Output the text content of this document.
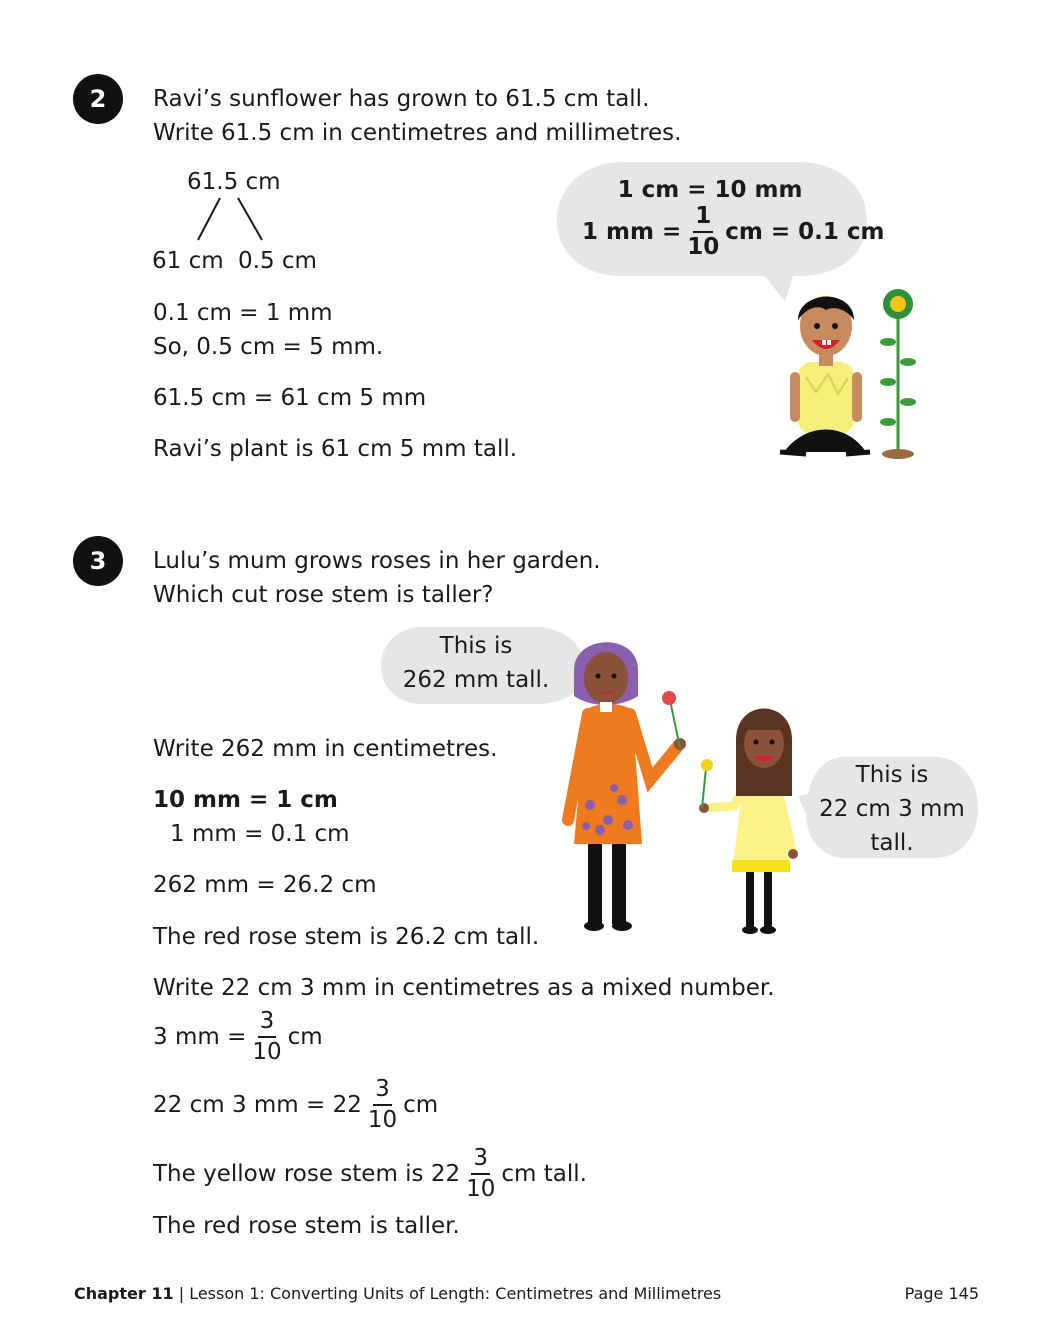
2 Ravi’s sunflower has grown to 61.5 cm tall.
Write 61.5 cm in centimetres and millimetres.
61.5 cm
61 cm 0.5 cm
0.1 cm = 1 mm
So, 0.5 cm = 5 mm.
61.5 cm = 61 cm 5 mm
Ravi’s plant is 61 cm 5 mm tall.
1 cm = 10 mm
1 mm = $\frac{1}{10}$ cm = 0.1 cm
3 Lulu’s mum grows roses in her garden.
Which cut rose stem is taller?
This is
262 mm tall.
This is
22 cm 3 mm
tall.
Write 262 mm in centimetres.
10 mm = 1 cm
1 mm = 0.1 cm
262 mm = 26.2 cm
The red rose stem is 26.2 cm tall.
Write 22 cm 3 mm in centimetres as a mixed number.
3 mm = $\frac{3}{10}$ cm
22 cm 3 mm = $22 \frac{3}{10}$ cm
The yellow rose stem is $22 \frac{3}{10}$ cm tall.
The red rose stem is taller.
Chapter 11 | Lesson 1: Converting Units of Length: Centimetres and Millimetres	Page 145
